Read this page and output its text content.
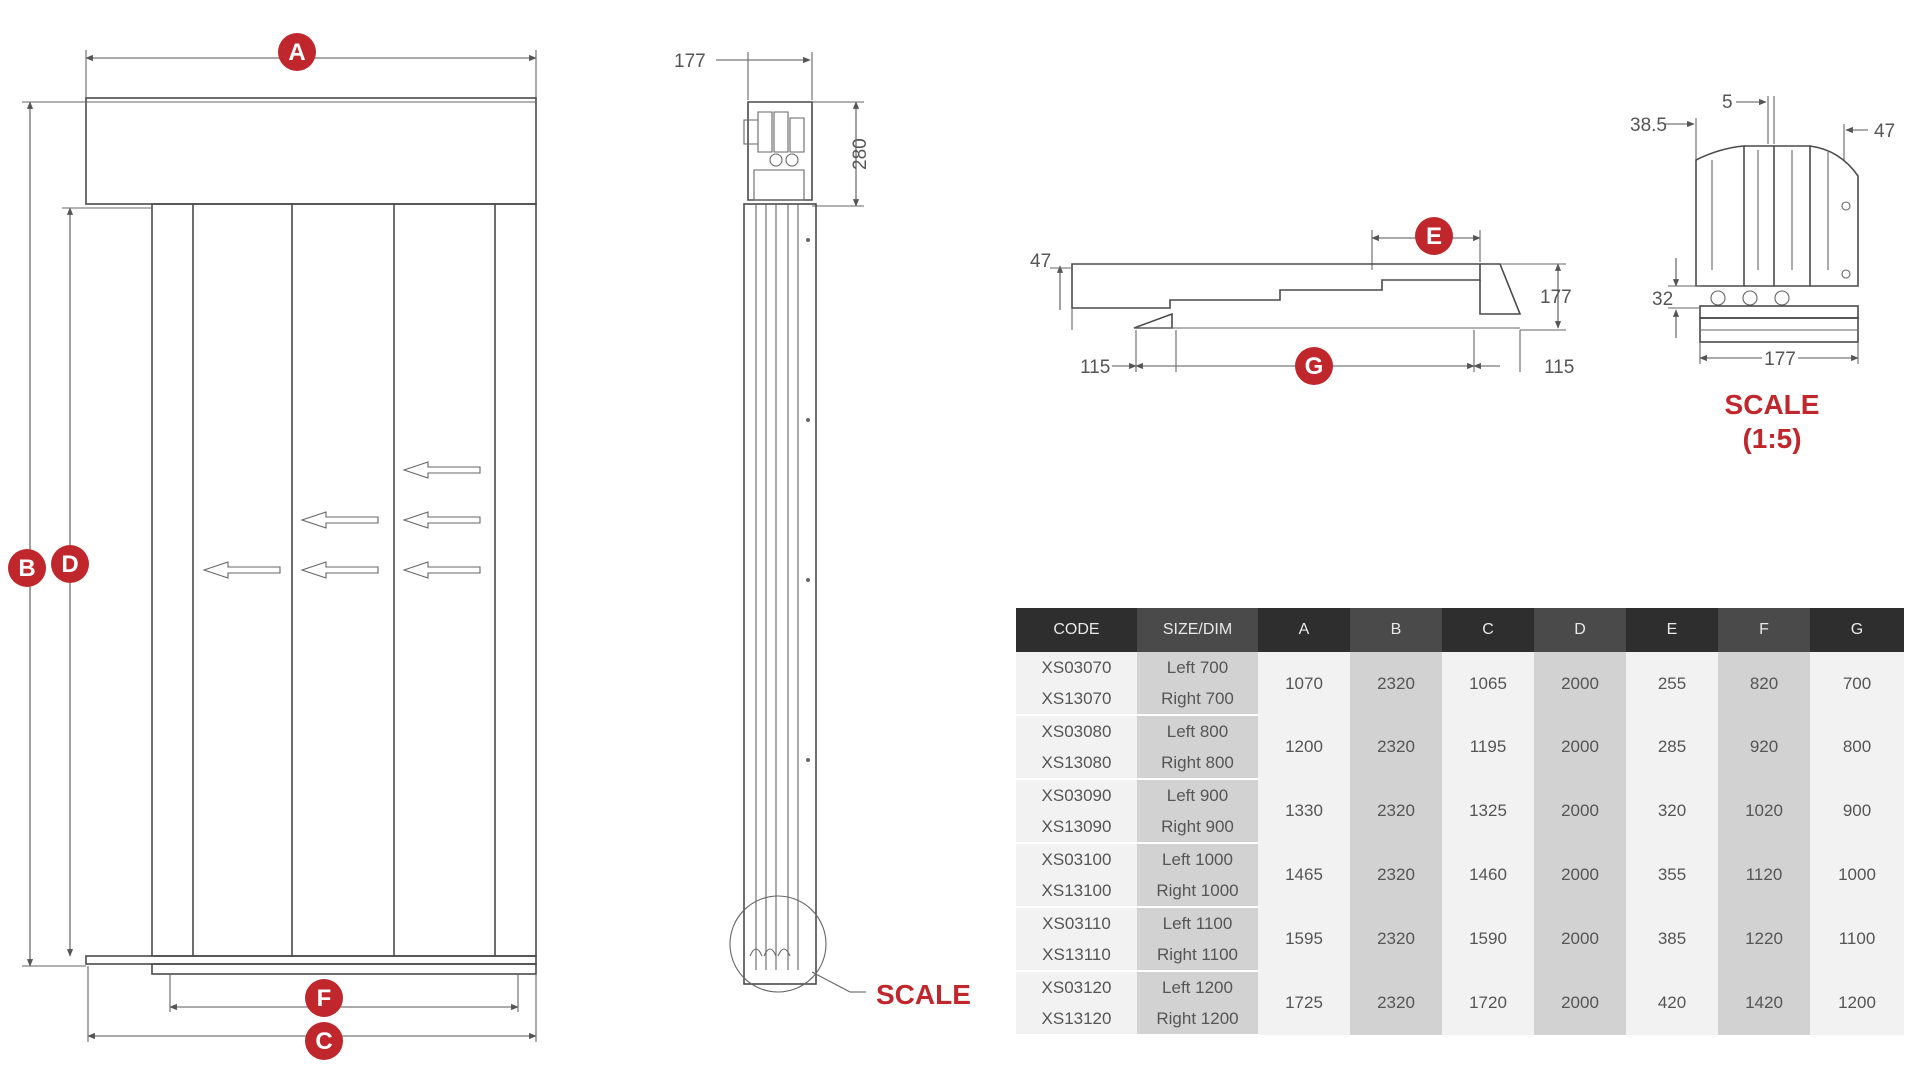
A
B D
F
C
177
280
SCALE
E
47
177
115	115
G
38.5
5
47
32
177
SCALE
(1:5)
CODE	SIZE/DIM	A	B	C	D	E	F	G
XS03070	Left 700	1070	2320	1065	2000	255	820	700
XS13070	Right 700							
XS03080	Left 800	1200	2320	1195	2000	285	920	800
XS13080	Right 800							
XS03090	Left 900	1330	2320	1325	2000	320	1020	900
XS13090	Right 900							
XS03100	Left 1000	1465	2320	1460	2000	355	1120	1000
XS13100	Right 1000							
XS03110	Left 1100	1595	2320	1590	2000	385	1220	1100
XS13110	Right 1100							
XS03120	Left 1200	1725	2320	1720	2000	420	1420	1200
XS13120	Right 1200							
